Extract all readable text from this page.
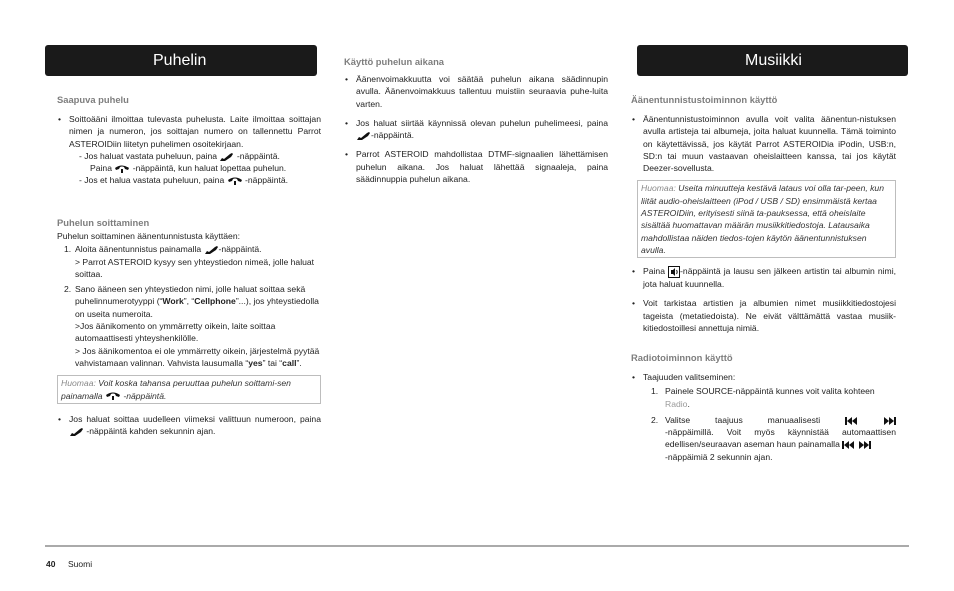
Puhelin	Musiikki
Saapuva puhelu
• Soittoääni ilmoittaa tulevasta puhelusta. Laite ilmoittaa soittajan nimen ja numeron, jos soittajan numero on tallennettu Parrot ASTEROIDiin liitetyn puhelimen osoitekirjaan.

- Jos haluat vastata puheluun, paina -näppäintä.

Paina -näppäintä, kun haluat lopettaa puhelun.

- Jos et halua vastata puheluun, paina -näppäintä.

Puhelun soittaminen

Puhelun soittaminen äänentunnistusta käyttäen:

1. Aloita äänentunnistus painamalla -näppäintä.

> Parrot ASTEROID kysyy sen yhteystiedon nimeä, jolle haluat soittaa.

2. Sano ääneen sen yhteystiedon nimi, jolle haluat soittaa sekä puhelinnumerotyyppi (“Work”, “Cellphone”...), jos yhteystiedolla on useita numeroita.

>Jos äänikomento on ymmärretty oikein, laite soittaa automaattisesti yhteyshenkilölle.

> Jos äänikomentoa ei ole ymmärretty oikein, järjestelmä pyytää vahvistamaan valinnan. Vahvista lausumalla “yes” tai “call”.

Huomaa: Voit koska tahansa peruuttaa puhelun soittami-sen painamalla -näppäintä.
• Jos haluat soittaa uudelleen viimeksi valittuun numeroon, paina  -näppäintä kahden sekunnin ajan.
Käyttö puhelun aikana
• Äänenvoimakkuutta voi säätää puhelun aikana säädinnupin avulla. Äänenvoimakkuus tallentuu muistiin seuraavia puhe-luita varten.
• Jos haluat siirtää käynnissä olevan puhelun puhelimeesi, paina -näppäintä.
• Parrot ASTEROID mahdollistaa DTMF-signaalien lähettämisen puhelun aikana. Jos haluat lähettää signaaleja, paina säädinnuppia puhelun aikana.
Äänentunnistustoiminnon käyttö
• Äänentunnistustoiminnon avulla voit valita äänentun-nistuksen avulla artisteja tai albumeja, joita haluat kuunnella. Tämä toiminto on käytettävissä, jos käytät Parrot ASTEROIDia iPodin, USB:n, SD:n tai muun vastaavan oheislaitteen kanssa, tai jos käytät Deezer-sovellusta.
Huomaa: Useita minuutteja kestävä lataus voi olla tar-peen, kun liität audio-oheislaitteen (iPod / USB / SD) ensimmäistä kertaa ASTEROIDiin, erityisesti siinä ta-pauksessa, että oheislaite sisältää huomattavan määrän musiikkitiedostoja. Latausaika mahdollistaa näiden tiedos-tojen käytön äänentunnistuksen avulla.
• Paina -näppäintä ja lausu sen jälkeen artistin tai albumin nimi, jota haluat kuunnella.
• Voit tarkistaa artistien ja albumien nimet musiikkitiedostojesi tageista (metatiedoista). Ne eivät välttämättä vastaa musiik-kitiedostoillesi annettuja nimiä.
Radiotoiminnon käyttö
• Taajuuden valitseminen:
1. Painele SOURCE-näppäintä kunnes voit valita kohteen Radio.

2. Valitse taajuus manuaalisesti

-näppäimillä. Voit myös käynnistää automaattisen edellisen/seuraavan aseman haun painamalla

-näppäimiä 2 sekunnin ajan.

40 Suomi
